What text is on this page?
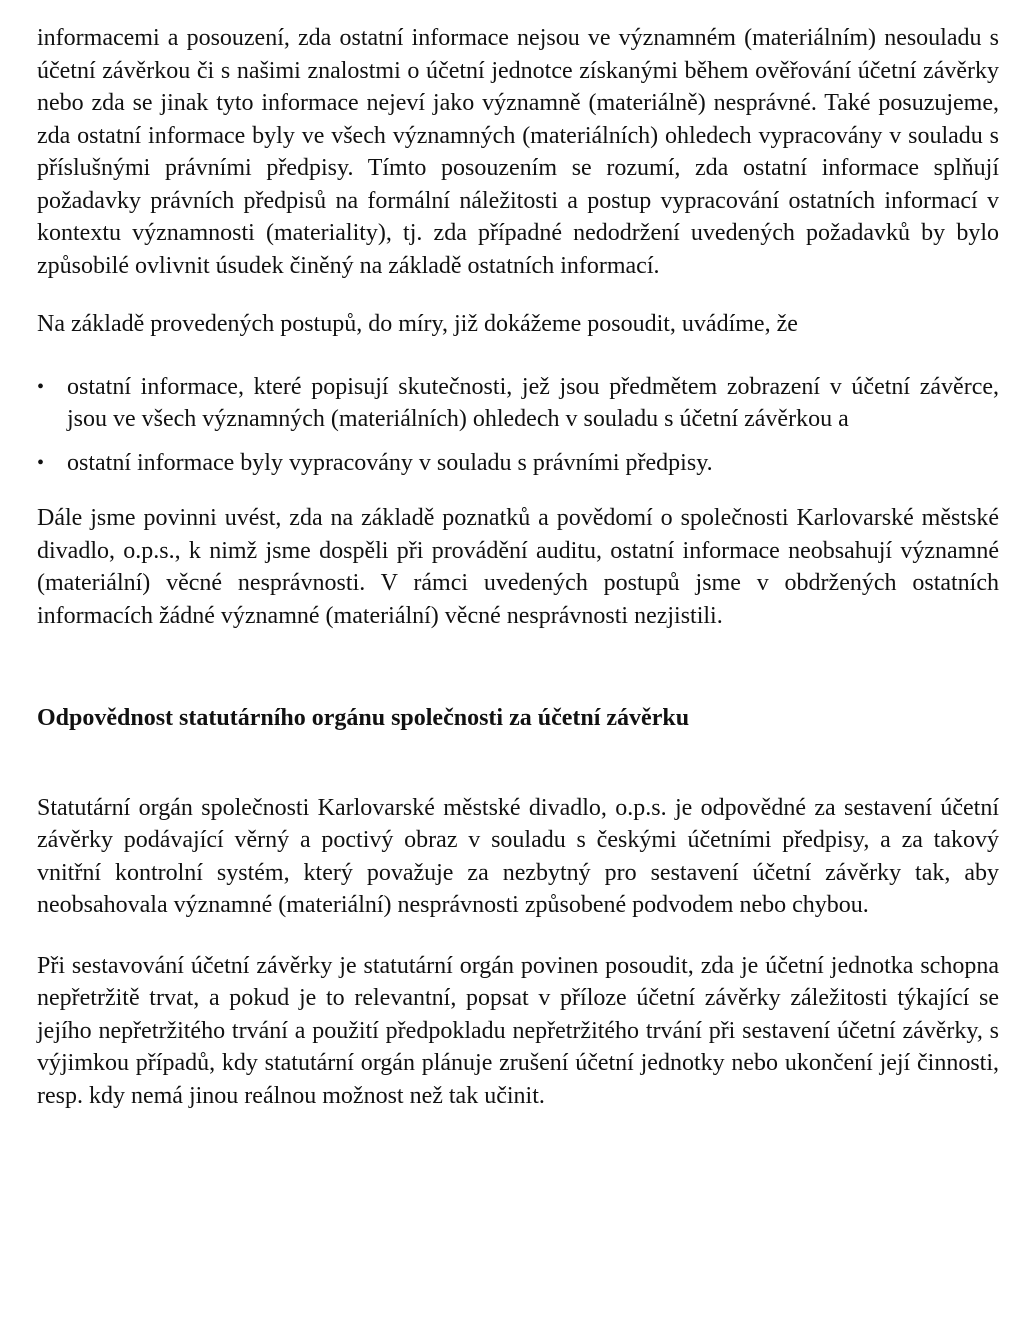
informacemi a posouzení, zda ostatní informace nejsou ve významném (materiálním) nesouladu s účetní závěrkou či s našimi znalostmi o účetní jednotce získanými během ověřování účetní závěrky nebo zda se jinak tyto informace nejeví jako významně (materiálně) nesprávné. Také posuzujeme, zda ostatní informace byly ve všech významných (materiálních) ohledech vypracovány v souladu s příslušnými právními předpisy. Tímto posouzením se rozumí, zda ostatní informace splňují požadavky právních předpisů na formální náležitosti a postup vypracování ostatních informací v kontextu významnosti (materiality), tj. zda případné nedodržení uvedených požadavků by bylo způsobilé ovlivnit úsudek činěný na základě ostatních informací.

Na základě provedených postupů, do míry, již dokážeme posoudit, uvádíme, že

• ostatní informace, které popisují skutečnosti, jež jsou předmětem zobrazení v účetní závěrce, jsou ve všech významných (materiálních) ohledech v souladu s účetní závěrkou a

• ostatní informace byly vypracovány v souladu s právními předpisy.

Dále jsme povinni uvést, zda na základě poznatků a povědomí o společnosti Karlovarské městské divadlo, o.p.s., k nimž jsme dospěli při provádění auditu, ostatní informace neobsahují významné (materiální) věcné nesprávnosti. V rámci uvedených postupů jsme v obdržených ostatních informacích žádné významné (materiální) věcné nesprávnosti nezjistili.

Odpovědnost statutárního orgánu společnosti za účetní závěrku

Statutární orgán společnosti Karlovarské městské divadlo, o.p.s. je odpovědné za sestavení účetní závěrky podávající věrný a poctivý obraz v souladu s českými účetními předpisy, a za takový vnitřní kontrolní systém, který považuje za nezbytný pro sestavení účetní závěrky tak, aby neobsahovala významné (materiální) nesprávnosti způsobené podvodem nebo chybou.

Při sestavování účetní závěrky je statutární orgán povinen posoudit, zda je účetní jednotka schopna nepřetržitě trvat, a pokud je to relevantní, popsat v příloze účetní závěrky záležitosti týkající se jejího nepřetržitého trvání a použití předpokladu nepřetržitého trvání při sestavení účetní závěrky, s výjimkou případů, kdy statutární orgán plánuje zrušení účetní jednotky nebo ukončení její činnosti, resp. kdy nemá jinou reálnou možnost než tak učinit.
